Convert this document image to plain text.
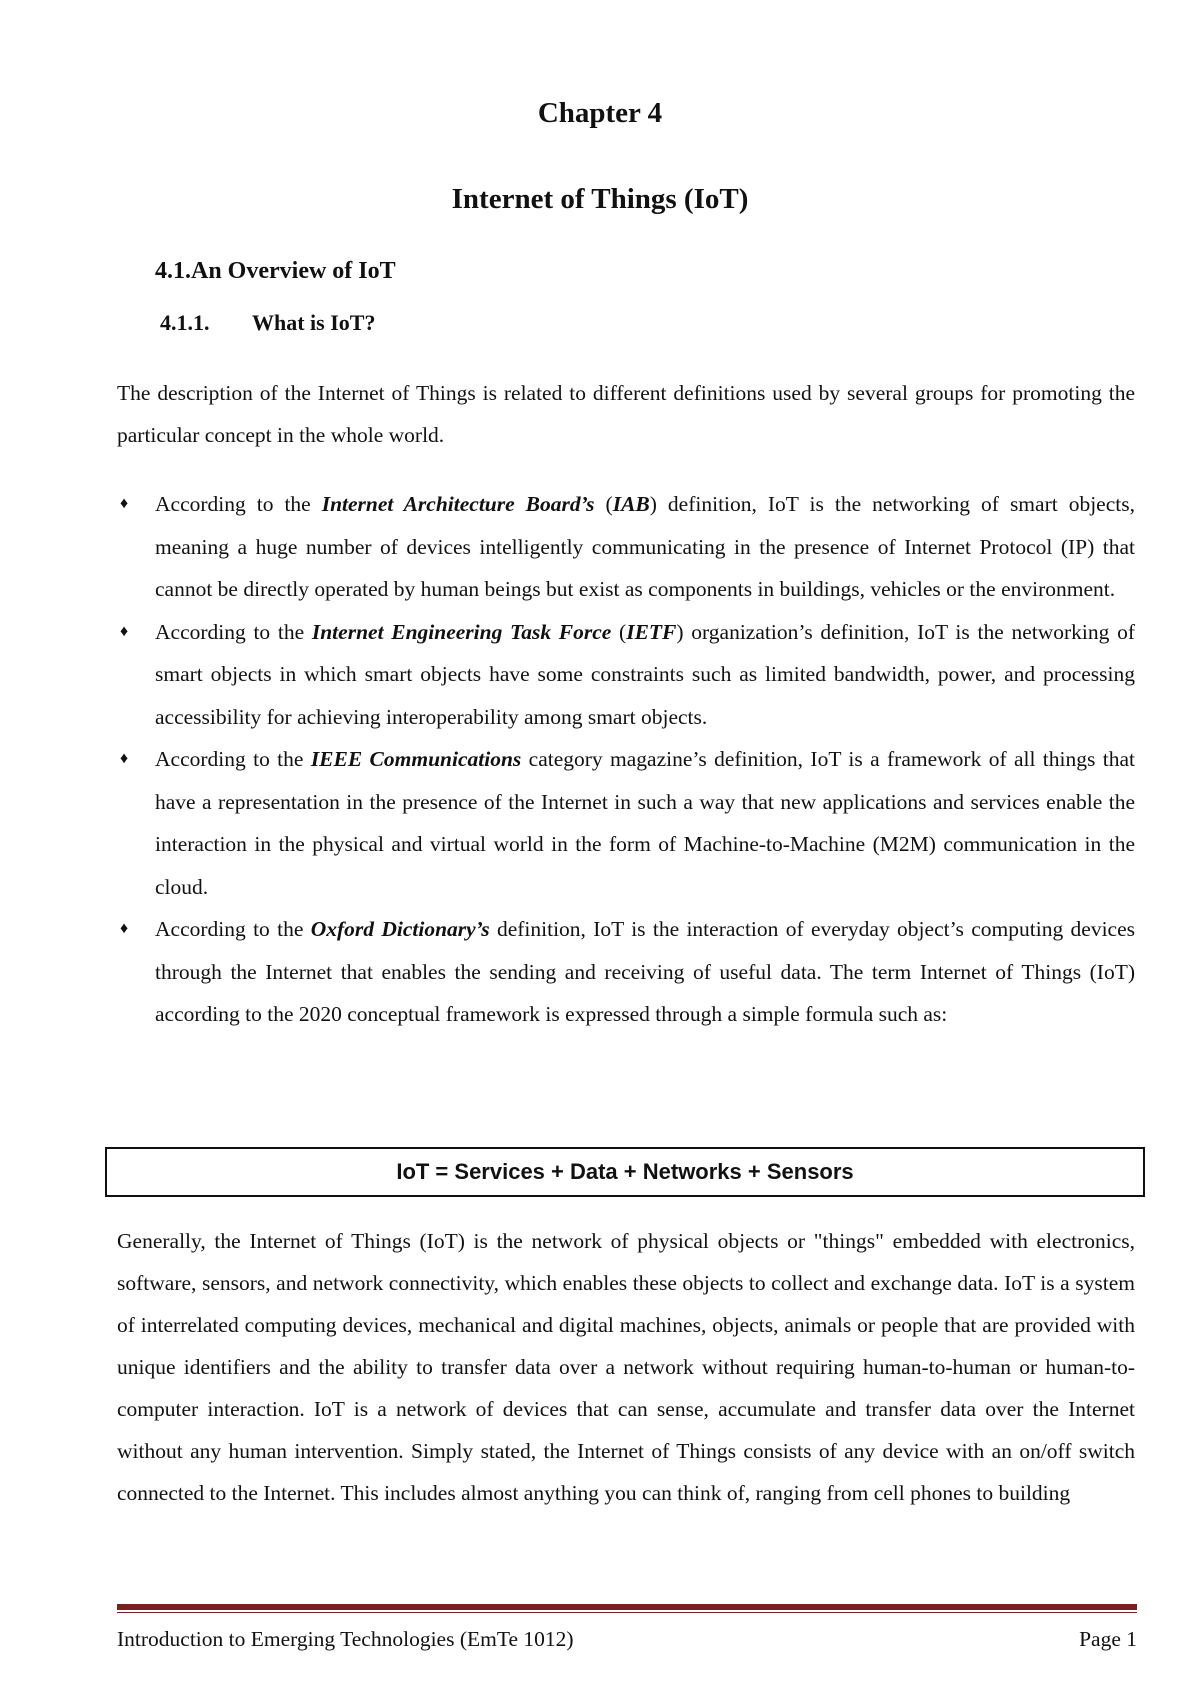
Chapter 4
Internet of Things (IoT)
4.1.An Overview of IoT
4.1.1. What is IoT?

The description of the Internet of Things is related to different definitions used by several groups for promoting the particular concept in the whole world.

♦ According to the Internet Architecture Board’s (IAB) definition, IoT is the networking of smart objects, meaning a huge number of devices intelligently communicating in the presence of Internet Protocol (IP) that cannot be directly operated by human beings but exist as components in buildings, vehicles or the environment.
♦ According to the Internet Engineering Task Force (IETF) organization’s definition, IoT is the networking of smart objects in which smart objects have some constraints such as limited bandwidth, power, and processing accessibility for achieving interoperability among smart objects.
♦ According to the IEEE Communications category magazine’s definition, IoT is a framework of all things that have a representation in the presence of the Internet in such a way that new applications and services enable the interaction in the physical and virtual world in the form of Machine-to-Machine (M2M) communication in the cloud.
♦ According to the Oxford Dictionary’s definition, IoT is the interaction of everyday object’s computing devices through the Internet that enables the sending and receiving of useful data. The term Internet of Things (IoT) according to the 2020 conceptual framework is expressed through a simple formula such as:
IoT = Services + Data + Networks + Sensors

Generally, the Internet of Things (IoT) is the network of physical objects or "things" embedded with electronics, software, sensors, and network connectivity, which enables these objects to collect and exchange data. IoT is a system of interrelated computing devices, mechanical and digital machines, objects, animals or people that are provided with unique identifiers and the ability to transfer data over a network without requiring human-to-human or human-to-computer interaction. IoT is a network of devices that can sense, accumulate and transfer data over the Internet without any human intervention. Simply stated, the Internet of Things consists of any device with an on/off switch connected to the Internet. This includes almost anything you can think of, ranging from cell phones to building

Introduction to Emerging Technologies (EmTe 1012)	Page 1
